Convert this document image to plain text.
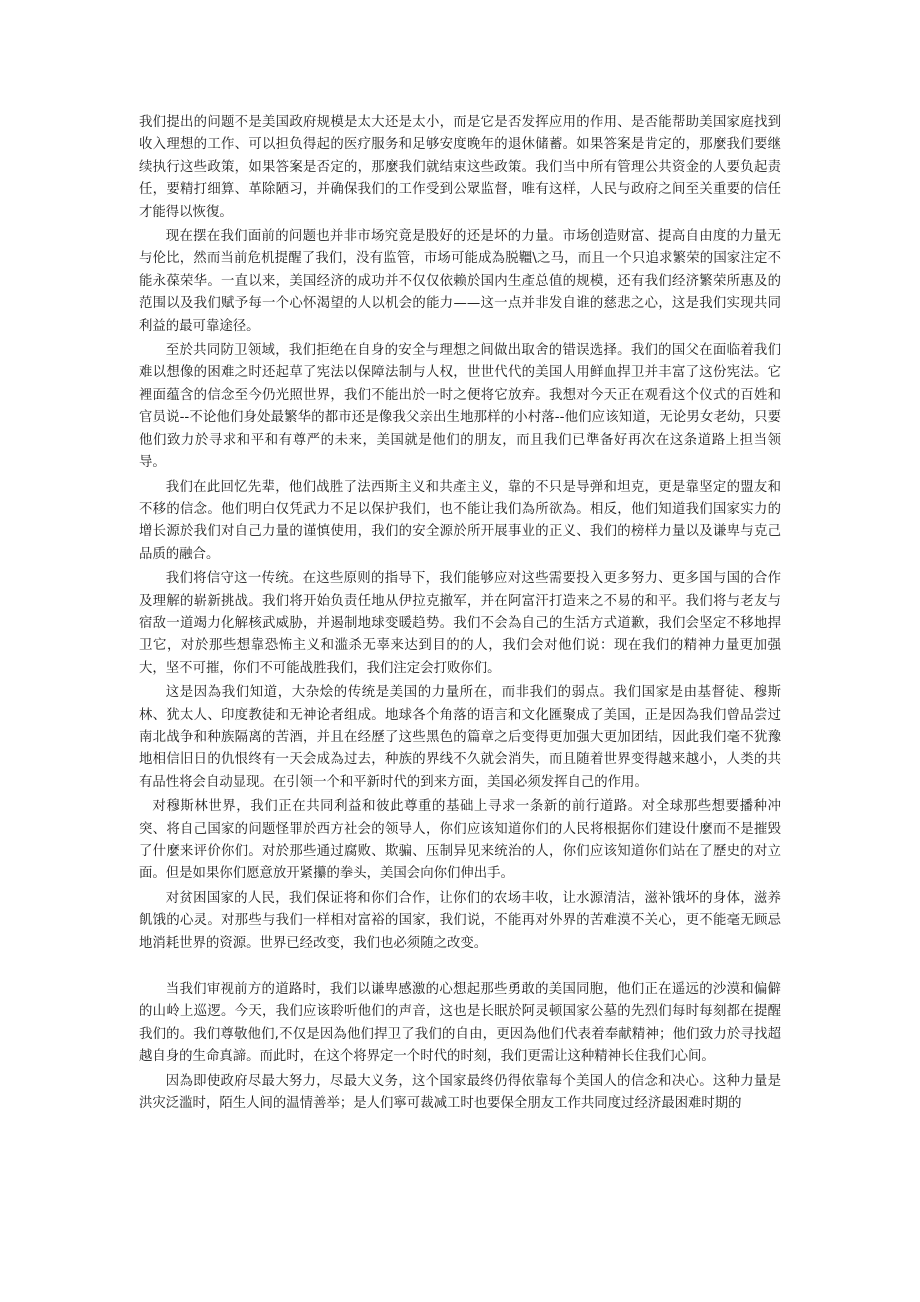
我们提出的问题不是美国政府规模是太大还是太小，而是它是否发挥应用的作用、是否能帮助美国家庭找到收入理想的工作、可以担负得起的医疗服务和足够安度晚年的退休储蓄。如果答案是肯定的，那麼我们要继续执行这些政策，如果答案是否定的，那麼我们就结束这些政策。我们当中所有管理公共资金的人要负起责任，要精打细算、革除陋习，并确保我们的工作受到公眾监督，唯有这样，人民与政府之间至关重要的信任才能得以恢復。

现在摆在我们面前的问题也并非市场究竟是股好的还是坏的力量。市场创造财富、提高自由度的力量无与伦比，然而当前危机提醒了我们，没有监管，市场可能成為脱韁\之马，而且一个只追求繁荣的国家注定不能永葆荣华。一直以来，美国经济的成功并不仅仅依赖於国内生產总值的规模，还有我们经济繁荣所惠及的范围以及我们赋予每一个心怀渴望的人以机会的能力——这一点并非发自谁的慈悲之心，这是我们实现共同利益的最可靠途径。

至於共同防卫领域，我们拒绝在自身的安全与理想之间做出取舍的错误选择。我们的国父在面临着我们难以想像的困难之时还起草了宪法以保障法制与人权，世世代代的美国人用鲜血捍卫并丰富了这份宪法。它裡面蕴含的信念至今仍光照世界，我们不能出於一时之便将它放弃。我想对今天正在观看这个仪式的百姓和官员说--不论他们身处最繁华的都市还是像我父亲出生地那样的小村落--他们应该知道，无论男女老幼，只要他们致力於寻求和平和有尊严的未来，美国就是他们的朋友，而且我们已準备好再次在这条道路上担当领导。

我们在此回忆先辈，他们战胜了法西斯主义和共產主义，靠的不只是导弹和坦克，更是靠坚定的盟友和不移的信念。他们明白仅凭武力不足以保护我们，也不能让我们為所欲為。相反，他们知道我们国家实力的增长源於我们对自己力量的谨慎使用，我们的安全源於所开展事业的正义、我们的榜样力量以及谦卑与克己品质的融合。

我们将信守这一传统。在这些原则的指导下，我们能够应对这些需要投入更多努力、更多国与国的合作及理解的崭新挑战。我们将开始负责任地从伊拉克撤军，并在阿富汗打造来之不易的和平。我们将与老友与宿敌一道竭力化解核武威胁，并遏制地球变暖趋势。我们不会為自己的生活方式道歉，我们会坚定不移地捍卫它，对於那些想靠恐怖主义和滥杀无辜来达到目的的人，我们会对他们说：现在我们的精神力量更加强大，坚不可摧，你们不可能战胜我们，我们注定会打败你们。

这是因為我们知道，大杂烩的传统是美国的力量所在，而非我们的弱点。我们国家是由基督徒、穆斯林、犹太人、印度教徒和无神论者组成。地球各个角落的语言和文化匯聚成了美国，正是因為我们曾品尝过南北战争和种族隔离的苦酒，并且在经歷了这些黑色的篇章之后变得更加强大更加团结，因此我们毫不犹豫地相信旧日的仇恨终有一天会成為过去，种族的界线不久就会消失，而且随着世界变得越来越小，人类的共有品性将会自动显现。在引领一个和平新时代的到来方面，美国必须发挥自己的作用。

对穆斯林世界，我们正在共同利益和彼此尊重的基础上寻求一条新的前行道路。对全球那些想要播种冲突、将自己国家的问题怪罪於西方社会的领导人，你们应该知道你们的人民将根据你们建设什麼而不是摧毁了什麼来评价你们。对於那些通过腐败、欺骗、压制异见来统治的人，你们应该知道你们站在了歷史的对立面。但是如果你们愿意放开紧攥的拳头，美国会向你们伸出手。

对贫困国家的人民，我们保证将和你们合作，让你们的农场丰收，让水源清洁，滋补饿坏的身体，滋养飢饿的心灵。对那些与我们一样相对富裕的国家，我们说，不能再对外界的苦难漠不关心，更不能毫无顾忌地消耗世界的资源。世界已经改变，我们也必须随之改变。

当我们审视前方的道路时，我们以谦卑感激的心想起那些勇敢的美国同胞，他们正在遥远的沙漠和偏僻的山岭上巡逻。今天，我们应该聆听他们的声音，这也是长眠於阿灵顿国家公墓的先烈们每时每刻都在提醒我们的。我们尊敬他们,不仅是因為他们捍卫了我们的自由，更因為他们代表着奉献精神；他们致力於寻找超越自身的生命真諦。而此时，在这个将界定一个时代的时刻，我们更需让这种精神长住我们心间。

因為即使政府尽最大努力，尽最大义务，这个国家最终仍得依靠每个美国人的信念和决心。这种力量是洪灾泛滥时，陌生人间的温情善举；是人们寧可裁减工时也要保全朋友工作共同度过经济最困难时期的
